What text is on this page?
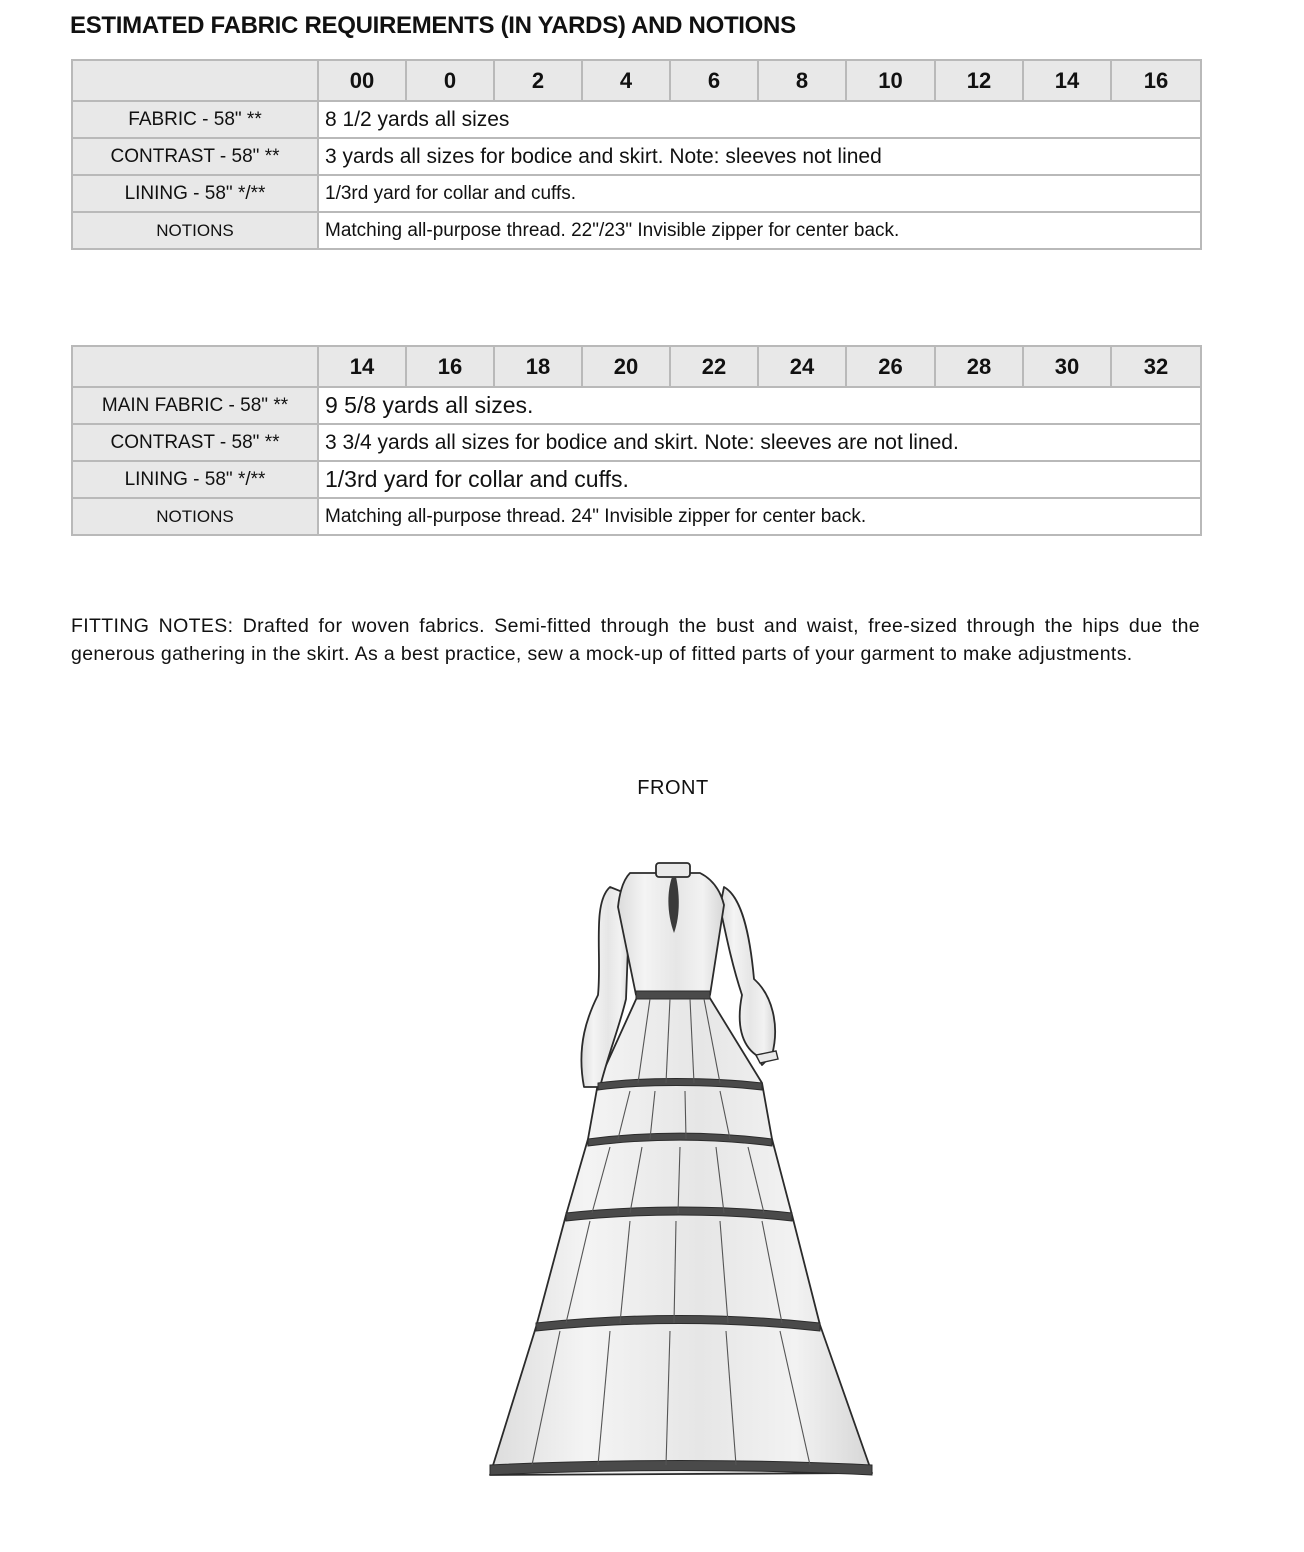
ESTIMATED FABRIC REQUIREMENTS (IN YARDS) AND NOTIONS
	00	0	2	4	6	8	10	12	14	16
FABRIC - 58" **	8 1/2 yards all sizes									
CONTRAST - 58" **	3 yards all sizes for bodice and skirt. Note: sleeves not lined									
LINING - 58" */**	1/3rd yard for collar and cuffs.									
NOTIONS	Matching all-purpose thread. 22"/23" Invisible zipper for center back.									
	14	16	18	20	22	24	26	28	30	32
MAIN FABRIC - 58" **	9 5/8 yards all sizes.									
CONTRAST - 58" **	3 3/4 yards all sizes for bodice and skirt. Note: sleeves are not lined.									
LINING - 58" */**	1/3rd yard for collar and cuffs.									
NOTIONS	Matching all-purpose thread. 24" Invisible zipper for center back.									

FITTING NOTES: Drafted for woven fabrics. Semi-fitted through the bust and waist, free-sized through the hips due the generous gathering in the skirt. As a best practice, sew a mock-up of fitted parts of your garment to make adjustments.

FRONT
